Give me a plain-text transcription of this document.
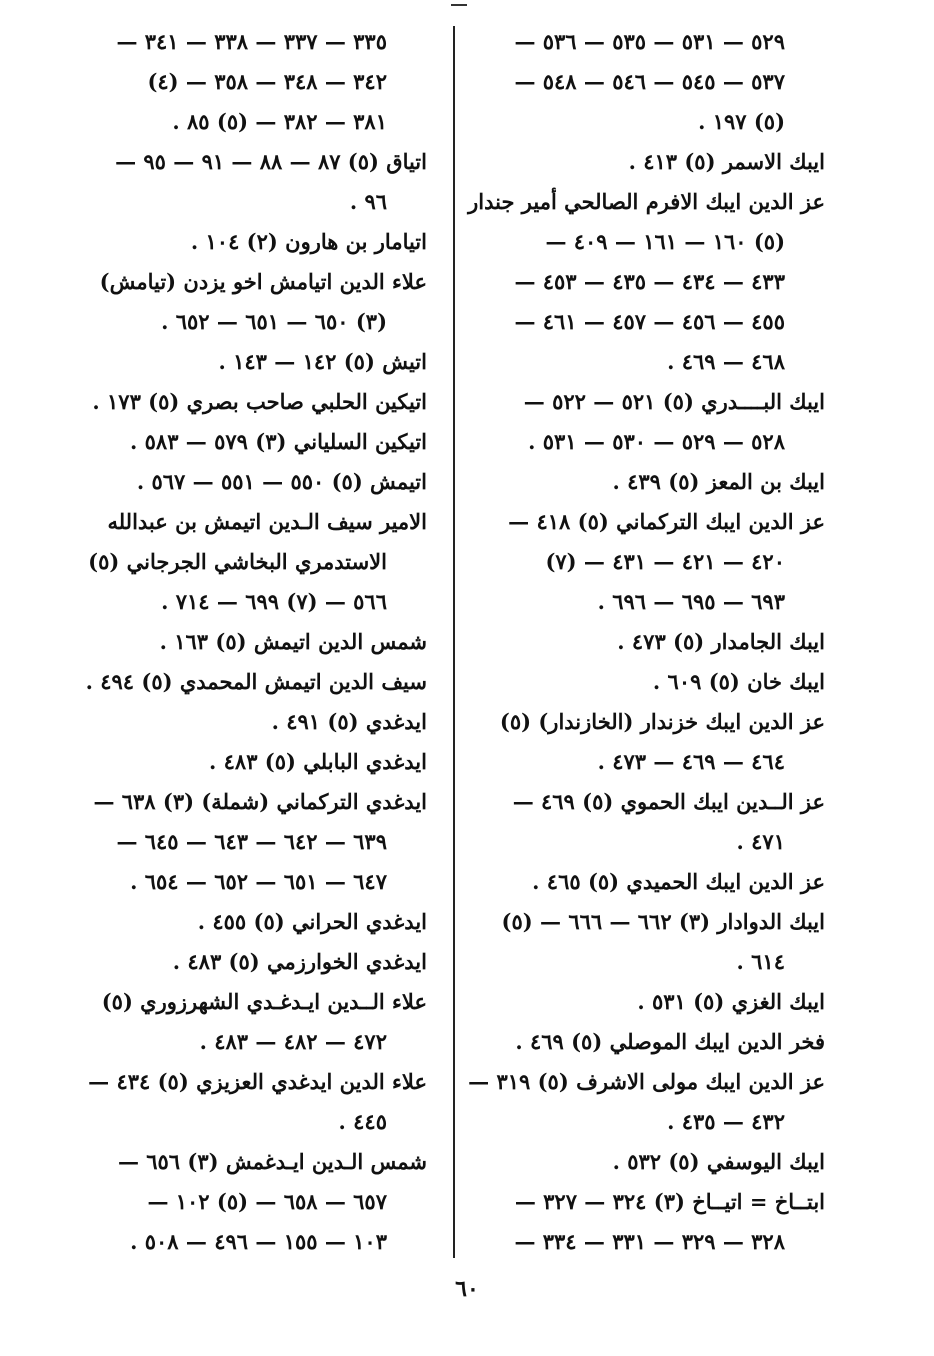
٥٢٩ — ٥٣١ — ٥٣٥ — ٥٣٦ —
٥٣٧ — ٥٤٥ — ٥٤٦ — ٥٤٨ —
(٥) ١٩٧ .
ايبك الاسمر (٥) ٤١٣ .
عز الدين ايبك الافرم الصالحي أمير جندار
(٥) ١٦٠ — ١٦١ — ٤٠٩ —
٤٣٣ — ٤٣٤ — ٤٣٥ — ٤٥٣ —
٤٥٥ — ٤٥٦ — ٤٥٧ — ٤٦١ —
٤٦٨ — ٤٦٩ .
ايبك البــــدري (٥) ٥٢١ — ٥٢٢ —
٥٢٨ — ٥٢٩ — ٥٣٠ — ٥٣١ .
ايبك بن المعز (٥) ٤٣٩ .
عز الدين ايبك التركماني (٥) ٤١٨ —
٤٢٠ — ٤٢١ — ٤٣١ — (٧)
٦٩٣ — ٦٩٥ — ٦٩٦ .
ايبك الجامدار (٥) ٤٧٣ .
ايبك خان (٥) ٦٠٩ .
عز الدين ايبك خزندار (الخازندار) (٥)
٤٦٤ — ٤٦٩ — ٤٧٣ .
عز الــدين ايبك الحموي (٥) ٤٦٩ —
٤٧١ .
عز الدين ايبك الحميدي (٥) ٤٦٥ .
ايبك الدوادار (٣) ٦٦٢ — ٦٦٦ — (٥)
٦١٤ .
ايبك الغزي (٥) ٥٣١ .
فخر الدين ايبك الموصلي (٥) ٤٦٩ .
عز الدين ايبك مولى الاشرف (٥) ٣١٩ —
٤٣٢ — ٤٣٥ .
ايبك اليوسفي (٥) ٥٣٢ .
ابتــاخ = اتيــاخ (٣) ٣٢٤ — ٣٢٧ —
٣٢٨ — ٣٢٩ — ٣٣١ — ٣٣٤ —
٣٣٥ — ٣٣٧ — ٣٣٨ — ٣٤١ —
٣٤٢ — ٣٤٨ — ٣٥٨ — (٤)
٣٨١ — ٣٨٢ — (٥) ٨٥ .
اتياق (٥) ٨٧ — ٨٨ — ٩١ — ٩٥ —
٩٦ .
اتيامار بن هارون (٢) ١٠٤ .
علاء الدين اتيامش اخو يزدن (تيامش)
(٣) ٦٥٠ — ٦٥١ — ٦٥٢ .
اتيش (٥) ١٤٢ — ١٤٣ .
اتيكين الحلبي صاحب بصري (٥) ١٧٣ .
اتيكين السلياني (٣) ٥٧٩ — ٥٨٣ .
اتيمش (٥) ٥٥٠ — ٥٥١ — ٥٦٧ .
الامير سيف الـدين اتيمش بن عبدالله
الاستدمري البخاشي الجرجاني (٥)
٥٦٦ — (٧) ٦٩٩ — ٧١٤ .
شمس الدين اتيمش (٥) ١٦٣ .
سيف الدين اتيمش المحمدي (٥) ٤٩٤ .
ايدغدي (٥) ٤٩١ .
ايدغدي البابلي (٥) ٤٨٣ .
ايدغدي التركماني (شملة) (٣) ٦٣٨ —
٦٣٩ — ٦٤٢ — ٦٤٣ — ٦٤٥ —
٦٤٧ — ٦٥١ — ٦٥٢ — ٦٥٤ .
ايدغدي الحراني (٥) ٤٥٥ .
ايدغدي الخوارزمي (٥) ٤٨٣ .
علاء الــدين ايـدغـدي الشهرزوري (٥)
٤٧٢ — ٤٨٢ — ٤٨٣ .
علاء الدين ايدغدي العزيزي (٥) ٤٣٤ —
٤٤٥ .
شمس الـدين ايـدغمش (٣) ٦٥٦ —
٦٥٧ — ٦٥٨ — (٥) ١٠٢ —
١٠٣ — ١٥٥ — ٤٩٦ — ٥٠٨ .
٦٠
